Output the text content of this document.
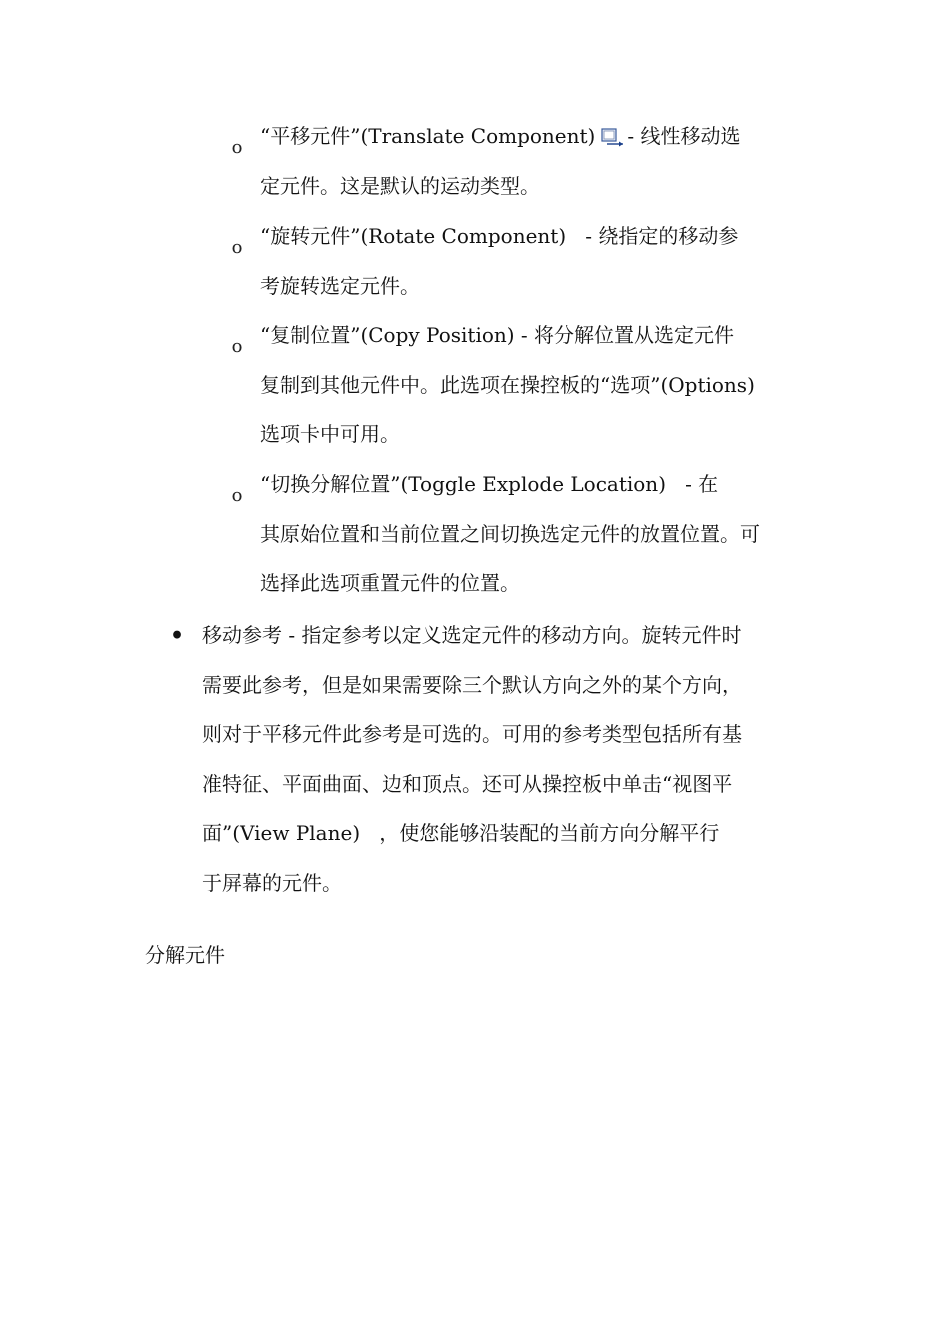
o “平移元件”(Translate Component) - 线性移动选
定元件。这是默认的运动类型。
o “旋转元件”(Rotate Component)   - 绕指定的移动参
考旋转选定元件。
o “复制位置”(Copy Position) - 将分解位置从选定元件
复制到其他元件中。此选项在操控板的“选项”(Options)
选项卡中可用。
o “切换分解位置”(Toggle Explode Location)   - 在
其原始位置和当前位置之间切换选定元件的放置位置。可
选择此选项重置元件的位置。
• 移动参考 - 指定参考以定义选定元件的移动方向。旋转元件时
需要此参考，但是如果需要除三个默认方向之外的某个方向，
则对于平移元件此参考是可选的。可用的参考类型包括所有基
准特征、平面曲面、边和顶点。还可从操控板中单击“视图平
面”(View Plane)   ，使您能够沿装配的当前方向分解平行
于屏幕的元件。
分解元件
